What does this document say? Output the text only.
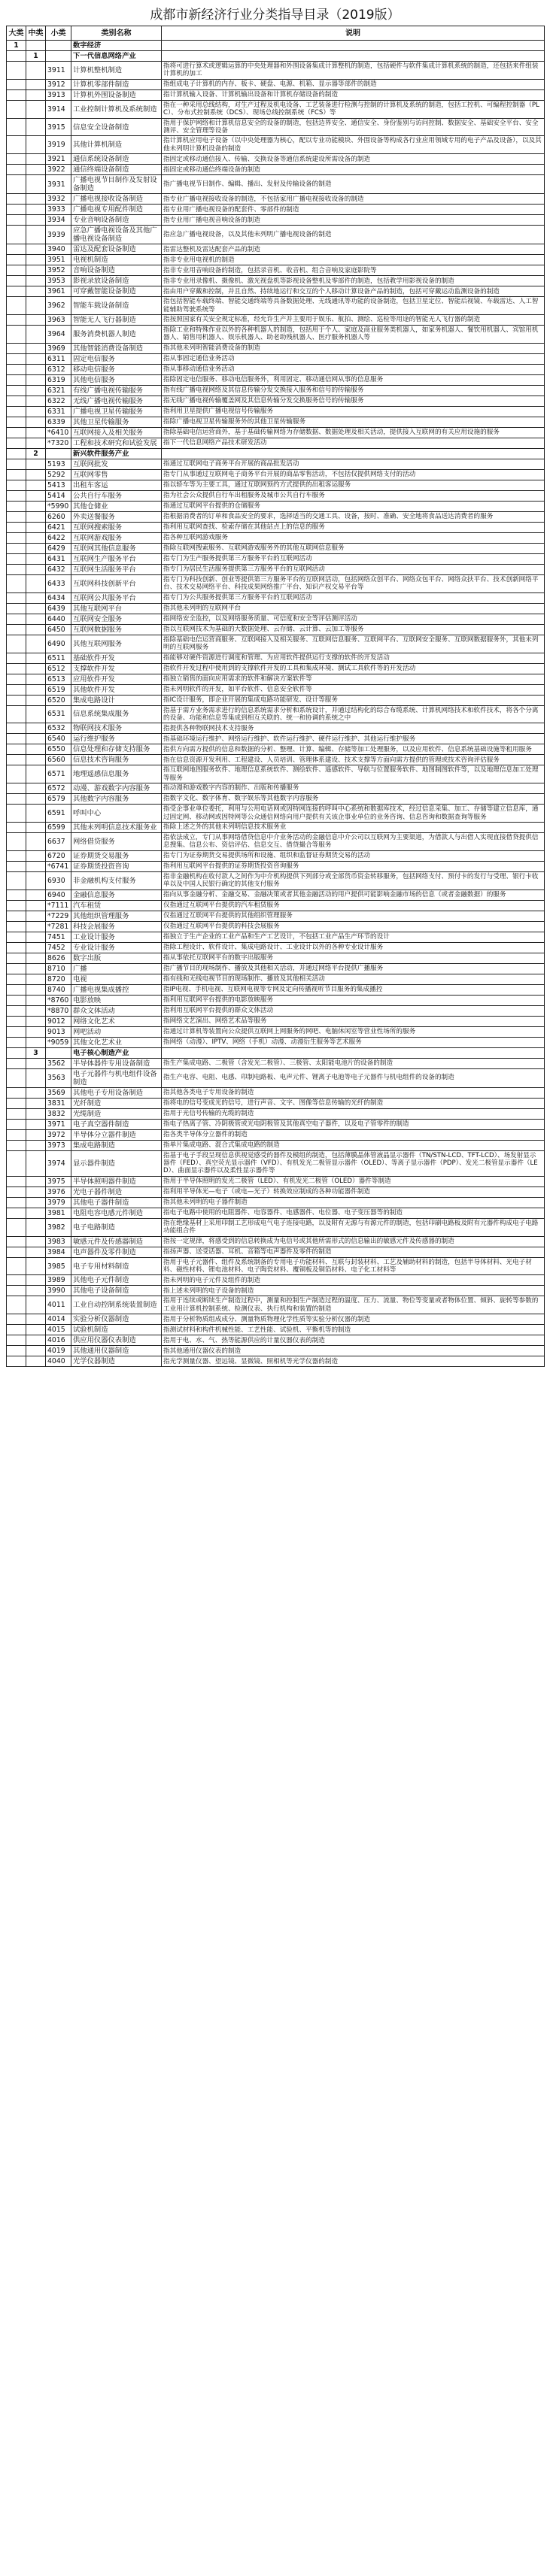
成都市新经济行业分类指导目录（2019版）
大类	中类	小类	类别名称	说明
1			数字经济	
	1		下一代信息网络产业	
		3911	计算机整机制造	指将可进行算术或逻辑运算的中央处理器和外围设备集成计算整机的制造，包括硬件与软件集成计算机系统的制造，还包括来件组装计算机的加工
		3912	计算机零部件制造	指组成电子计算机的内存、板卡、硬盘、电源、机箱、显示器等部件的制造
		3913	计算机外围设备制造	指计算机输入设备、计算机输出设备和计算机存储设备的制造
		3914	工业控制计算机及系统制造	指在一种采用总线结构，对生产过程及机电设备、工艺装备进行检测与控制的计算机及系统的制造，包括工控机、可编程控制器（PLC）、分布式控制系统（DCS）、现场总线控制系统（FCS）等
		3915	信息安全设备制造	指用于保护网络和计算机信息安全的设备的制造，包括边界安全、通信安全、身份鉴别与访问控制、数据安全、基础安全平台、安全测评、安全管理等设备
		3919	其他计算机制造	指计算机应用电子设备（以中央处理器为核心，配以专业功能模块、外围设备等构成各行业应用领域专用的电子产品及设备），以及其他未列明计算机设备的制造
		3921	通信系统设备制造	指固定或移动通信接入、传输、交换设备等通信系统建设所需设备的制造
		3922	通信终端设备制造	指固定或移动通信终端设备的制造
		3931	广播电视节目制作及发射设备制造	指广播电视节目制作、编辑、播出、发射及传输设备的制造
		3932	广播电视接收设备制造	指专业广播电视接收设备的制造，不包括家用广播电视接收设备的制造
		3933	广播电视专用配件制造	指专业用广播电视设备的配套件、零部件的制造
		3934	专业音响设备制造	指专业用广播电视音响设备的制造
		3939	应急广播电视设备及其他广播电视设备制造	指应急广播电视设备，以及其他未列明广播电视设备的制造
		3940	雷达及配套设备制造	指雷达整机及雷达配套产品的制造
		3951	电视机制造	指非专业用电视机的制造
		3952	音响设备制造	指非专业用音响设备的制造，包括录音机、收音机、组合音响及家庭影院等
		3953	影视录放设备制造	指非专业用录像机、摄像机、激光视盘机等影视设备整机及零部件的制造，包括教学用影视设备的制造
		3961	可穿戴智能设备制造	指由用户穿戴和控制，并且自然、持续地运行和交互的个人移动计算设备产品的制造，包括可穿戴运动监测设备的制造
		3962	智能车载设备制造	指包括智能车载终端、智能交通终端等具备数据处理、无线通讯等功能的设备制造，包括卫星定位、智能后视镜、车载雷达、人工智能辅助驾驶系统等
		3963	智能无人飞行器制造	指按照国家有关安全规定标准，经允许生产并主要用于娱乐、航拍、测绘、巡检等用途的智能无人飞行器的制造
		3964	服务消费机器人制造	指除工业和特殊作业以外的各种机器人的制造，包括用于个人、家庭及商业服务类机器人，如家务机器人、餐饮用机器人、宾馆用机器人、销售用机器人、娱乐机器人、助老助残机器人、医疗服务机器人等
		3969	其他智能消费设备制造	指其他未列明智能消费设备的制造
		6311	固定电信服务	指从事固定通信业务活动
		6312	移动电信服务	指从事移动通信业务活动
		6319	其他电信服务	指除固定电信服务、移动电信服务外，利用固定、移动通信网从事的信息服务
		6321	有线广播电视传输服务	指有线广播电视网络及其信息传输分发交换接入服务和信号的传输服务
		6322	无线广播电视传输服务	指无线广播电视传输覆盖网及其信息传输分发交换服务信号的传输服务
		6331	广播电视卫星传输服务	指利用卫星提供广播电视信号传输服务
		6339	其他卫星传输服务	指除广播电视卫星传输服务外的其他卫星传输服务
		*6410	互联网接入及相关服务	指除基础电信运营商外，基于基础传输网络为存储数据、数据处理及相关活动，提供接入互联网的有关应用设施的服务
		*7320	工程和技术研究和试验发展	指下一代信息网络产品技术研发活动
	2		新兴软件服务产业	
		5193	互联网批发	指通过互联网电子商务平台开展的商品批发活动
		5292	互联网零售	指专门从事通过互联网电子商务平台开展的商品零售活动，不包括仅提供网络支付的活动
		5413	出租车客运	指以轿车等为主要工具，通过互联网预约方式提供的出租客运服务
		5414	公共自行车服务	指为社会公众提供自行车出租服务及城市公共自行车服务
		*5990	其他仓储业	指通过互联网平台提供的仓储服务
		6260	外卖送餐服务	指根据消费者的订单和食品安全的要求，选择适当的交通工具、设备，按时、准确、安全地将食品送达消费者的服务
		6421	互联网搜索服务	指利用互联网查找、检索存储在其他站点上的信息的服务
		6422	互联网游戏服务	指各种互联网游戏服务
		6429	互联网其他信息服务	指除互联网搜索服务、互联网游戏服务外的其他互联网信息服务
		6431	互联网生产服务平台	指专门为生产服务提供第三方服务平台的互联网活动
		6432	互联网生活服务平台	指专门为居民生活服务提供第三方服务平台的互联网活动
		6433	互联网科技创新平台	指专门为科技创新、创业等提供第三方服务平台的互联网活动，包括网络众创平台、网络众包平台、网络众扶平台、技术创新网络平台、技术交易网络平台、科技成果网络推广平台、知识产权交易平台等
		6434	互联网公共服务平台	指专门为公共服务提供第三方服务平台的互联网活动
		6439	其他互联网平台	指其他未列明的互联网平台
		6440	互联网安全服务	指网络安全监控，以及网络服务质量、可信度和安全等评估测评活动
		6450	互联网数据服务	指以互联网技术为基础的大数据处理、云存储、云计算、云加工等服务
		6490	其他互联网服务	指除基础电信运营商服务、互联网接入及相关服务、互联网信息服务、互联网平台、互联网安全服务、互联网数据服务外，其他未列明的互联网服务
		6511	基础软件开发	指能够对硬件资源进行调度和管理、为应用软件提供运行支撑的软件的开发活动
		6512	支撑软件开发	指软件开发过程中使用到的支撑软件开发的工具和集成环境、测试工具软件等的开发活动
		6513	应用软件开发	指独立销售的面向应用需求的软件和解决方案软件等
		6519	其他软件开发	指未列明软件的开发，如平台软件、信息安全软件等
		6520	集成电路设计	指IC设计服务，即企业开展的集成电路功能研发、设计等服务
		6531	信息系统集成服务	指基于需方业务需求进行的信息系统需求分析和系统设计，并通过结构化的综合布缆系统、计算机网络技术和软件技术，将各个分离的设备、功能和信息等集成到相互关联的、统一和协调的系统之中
		6532	物联网技术服务	指提供各种物联网技术支持服务
		6540	运行维护服务	指基础环境运行维护、网络运行维护、软件运行维护、硬件运行维护、其他运行维护服务
		6550	信息处理和存储支持服务	指供方向需方提供的信息和数据的分析、整理、计算、编辑、存储等加工处理服务，以及应用软件、信息系统基础设施等租用服务
		6560	信息技术咨询服务	指在信息资源开发利用、工程建设、人员培训、管理体系建设、技术支撑等方面向需方提供的管理或技术咨询评估服务
		6571	地理遥感信息服务	指互联网地图服务软件、地理信息系统软件、测绘软件、遥感软件、导航与位置服务软件、地图制图软件等，以及地理信息加工处理等服务
		6572	动漫、游戏数字内容服务	指动漫和游戏数字内容的制作、出版和传播服务
		6579	其他数字内容服务	指数字文化、数字体育、数字娱乐等其他数字内容服务
		6591	呼叫中心	指受企事业单位委托，利用与公用电话网或因特网连接的呼叫中心系统和数据库技术，经过信息采集、加工、存储等建立信息库，通过固定网、移动网或因特网等公众通信网络向用户提供有关该企事业单位的业务咨询、信息咨询和数据查询等服务
		6599	其他未列明信息技术服务业	指除上述之外的其他未列明信息技术服务业
		6637	网络借贷服务	指依法成立，专门从事网络借贷信息中介业务活动的金融信息中介公司以互联网为主要渠道，为借款人与出借人实现直接借贷提供信息搜集、信息公布、资信评估、信息交互、借贷撮合等服务
		6720	证券期货交易服务	指专门为证券期货交易提供场所和设施、组织和监督证券期货交易的活动
		*6741	证券期货投资咨询	指利用互联网平台提供的证券期货投资咨询服务
		6930	非金融机构支付服务	指非金融机构在收付款人之间作为中介机构提供下列部分或全部货币资金转移服务，包括网络支付、预付卡的发行与受理、银行卡收单以及中国人民银行确定的其他支付服务
		6940	金融信息服务	指向从事金融分析、金融交易、金融决策或者其他金融活动的用户提供可能影响金融市场的信息（或者金融数据）的服务
		*7111	汽车租赁	仅指通过互联网平台提供的汽车租赁服务
		*7229	其他组织管理服务	仅指通过互联网平台提供的其他组织管理服务
		*7281	科技会展服务	仅指通过互联网平台提供的科技会展服务
		7451	工业设计服务	指独立于生产企业的工业产品和生产工艺设计，不包括工业产品生产环节的设计
		7452	专业设计服务	指除工程设计、软件设计、集成电路设计、工业设计以外的各种专业设计服务
		8626	数字出版	指从事依托互联网平台的数字出版服务
		8710	广播	指广播节目的现场制作、播放及其他相关活动，并通过网络平台提供广播服务
		8720	电视	指有线和无线电视节目的现场制作、播放及其他相关活动
		8740	广播电视集成播控	指IP电视、手机电视、互联网电视等专网及定向传播视听节目服务的集成播控
		*8760	电影放映	指利用互联网平台提供的电影放映服务
		*8870	群众文体活动	指利用互联网平台提供的群众文体活动
		9012	网络文化艺术	指网络文艺演出、网络艺术品等服务
		9013	网吧活动	指通过计算机等装置向公众提供互联网上网服务的网吧、电脑休闲室等营业性场所的服务
		*9059	其他文化艺术业	指网络（动漫）、IPTV、网络（手机）动漫、动漫衍生服务等艺术服务
	3		电子核心制造产业	
		3562	半导体器件专用设备制造	指生产集成电路、二极管（含发光二极管）、三极管、太阳能电池片的设备的制造
		3563	电子元器件与机电组件设备制造	指生产电容、电阻、电感、印制电路板、电声元件、锂离子电池等电子元器件与机电组件的设备的制造
		3569	其他电子专用设备制造	指其他各类电子专用设备的制造
		3831	光纤制造	指将电的信号变成光的信号，进行声音、文字、图像等信息传输的光纤的制造
		3832	光缆制造	指用于光信号传输的光缆的制造
		3971	电子真空器件制造	指电子热离子管、冷阴极管或光电阴极管及其他真空电子器件，以及电子管零件的制造
		3972	半导体分立器件制造	指各类半导体分立器件的制造
		3973	集成电路制造	指单片集成电路、混合式集成电路的制造
		3974	显示器件制造	指基于电子手段呈现信息供视觉感受的器件及模组的制造，包括薄膜晶体管液晶显示器件（TN/STN-LCD、TFT-LCD）、场发射显示器件（FED）、真空荧光显示器件（VFD）、有机发光二极管显示器件（OLED）、等离子显示器件（PDP）、发光二极管显示器件（LED）、曲面显示器件以及柔性显示器件等
		3975	半导体照明器件制造	指用于半导体照明的发光二极管（LED）、有机发光二极管（OLED）器件等制造
		3976	光电子器件制造	指利用半导体光—电子（或电—光子）转换效应制成的各种功能器件制造
		3979	其他电子器件制造	指其他未列明的电子器件制造
		3981	电阻电容电感元件制造	指电子电路中使用的电阻器件、电容器件、电感器件、电位器、电子变压器等的制造
		3982	电子电路制造	指在绝缘基材上采用印制工艺形成电气电子连接电路，以及附有无源与有源元件的制造，包括印刷电路板及附有元器件构成电子电路功能组合件
		3983	敏感元件及传感器制造	指按一定规律，将感受到的信息转换成为电信号或其他所需形式的信息输出的敏感元件及传感器的制造
		3984	电声器件及零件制造	指扬声器、送受话器、耳机、音箱等电声器件及零件的制造
		3985	电子专用材料制造	指用于电子元器件、组件及系统制备的专用电子功能材料、互联与封装材料、工艺及辅助材料的制造，包括半导体材料、光电子材料、磁性材料、锂电池材料、电子陶瓷材料、覆铜板及铜箔材料、电子化工材料等
		3989	其他电子元件制造	指未列明的电子元件及组件的制造
		3990	其他电子设备制造	指上述未列明的电子设备的制造
		4011	工业自动控制系统装置制造	指用于连续或断续生产制造过程中，测量和控制生产制造过程的温度、压力、流量、物位等变量或者物体位置、倾斜、旋转等参数的工业用计算机控制系统、检测仪表、执行机构和装置的制造
		4014	实验分析仪器制造	指用于分析物质组成成分、测量物质物理化学性质等实验分析仪器的制造
		4015	试验机制造	指测试材料和构件机械性能、工艺性能、试验机、平衡机等的制造
		4016	供应用仪器仪表制造	指用于电、水、气、热等能源供应的计量仪器仪表的制造
		4019	其他通用仪器制造	指其他通用仪器仪表的制造
		4040	光学仪器制造	指光学测量仪器、望远镜、显微镜、照相机等光学仪器的制造
